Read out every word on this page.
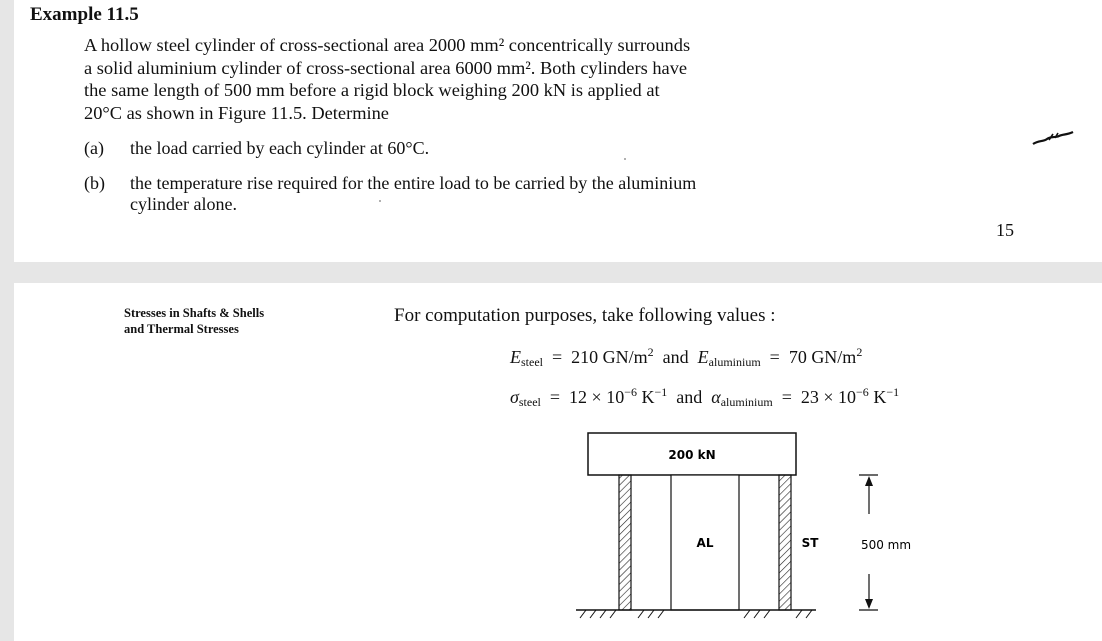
Example 11.5
A hollow steel cylinder of cross-sectional area 2000 mm² concentrically surrounds
a solid aluminium cylinder of cross-sectional area 6000 mm². Both cylinders have
the same length of 500 mm before a rigid block weighing 200 kN is applied at
20°C as shown in Figure 11.5. Determine
(a) the load carried by each cylinder at 60°C.
(b) the temperature rise required for the entire load to be carried by the aluminium
cylinder alone.
15
Stresses in Shafts & Shells
and Thermal Stresses
For computation purposes, take following values :
$E_{steel} = 210$ $GN/m^2$ and $E_{aluminium} = 70$ $GN/m^2$
$\sigma_{steel} = 12 \times 10^{-6}$ $K^{-1}$ and $\alpha_{aluminium} = 23 \times 10^{-6}$ $K^{-1}$
200 kN
AL	ST	500 mm
